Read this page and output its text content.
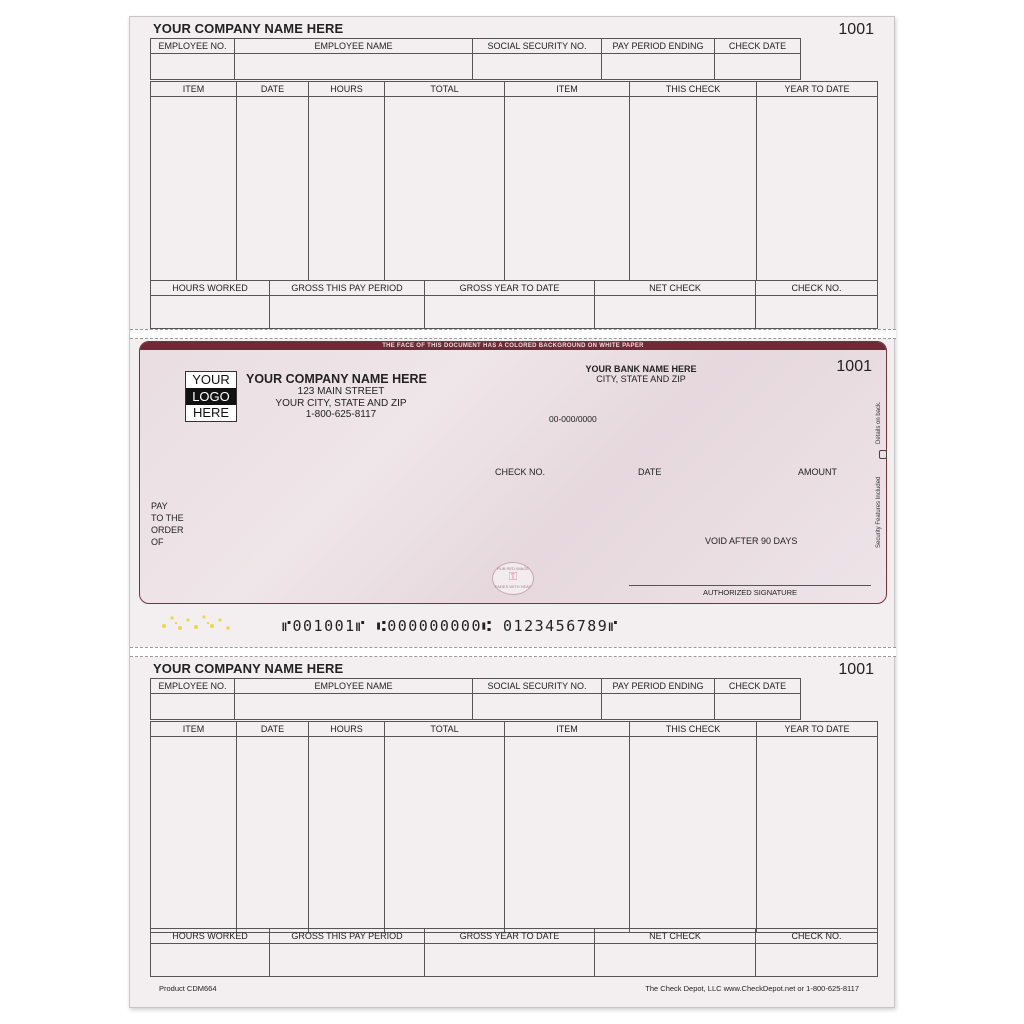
YOUR COMPANY NAME HERE	1001
EMPLOYEE NO.	EMPLOYEE NAME	SOCIAL SECURITY NO.	PAY PERIOD ENDING	CHECK DATE
ITEM	DATE	HOURS	TOTAL	ITEM	THIS CHECK	YEAR TO DATE
HOURS WORKED	GROSS THIS PAY PERIOD	GROSS YEAR TO DATE	NET CHECK	CHECK NO.
THE FACE OF THIS DOCUMENT HAS A COLORED BACKGROUND ON WHITE PAPER
YOUR
LOGO
HERE
YOUR COMPANY NAME HERE
123 MAIN STREET
YOUR CITY, STATE AND ZIP
1-800-625-8117
YOUR BANK NAME HERE
CITY, STATE AND ZIP
1001
00-000/0000
CHECK NO.	DATE	AMOUNT
PAY
TO THE
ORDER
OF	VOID AFTER 90 DAYS
RUB RED IMAGE
⚿
FADES WITH HEAT
AUTHORIZED SIGNATURE
Security Features Included
Details on back.
⑈001001⑈ ⑆000000000⑆ 0123456789⑈
YOUR COMPANY NAME HERE	1001
EMPLOYEE NO.	EMPLOYEE NAME	SOCIAL SECURITY NO.	PAY PERIOD ENDING	CHECK DATE
ITEM	DATE	HOURS	TOTAL	ITEM	THIS CHECK	YEAR TO DATE
HOURS WORKED	GROSS THIS PAY PERIOD	GROSS YEAR TO DATE	NET CHECK	CHECK NO.
Product CDM664	The Check Depot, LLC www.CheckDepot.net or 1-800-625-8117
